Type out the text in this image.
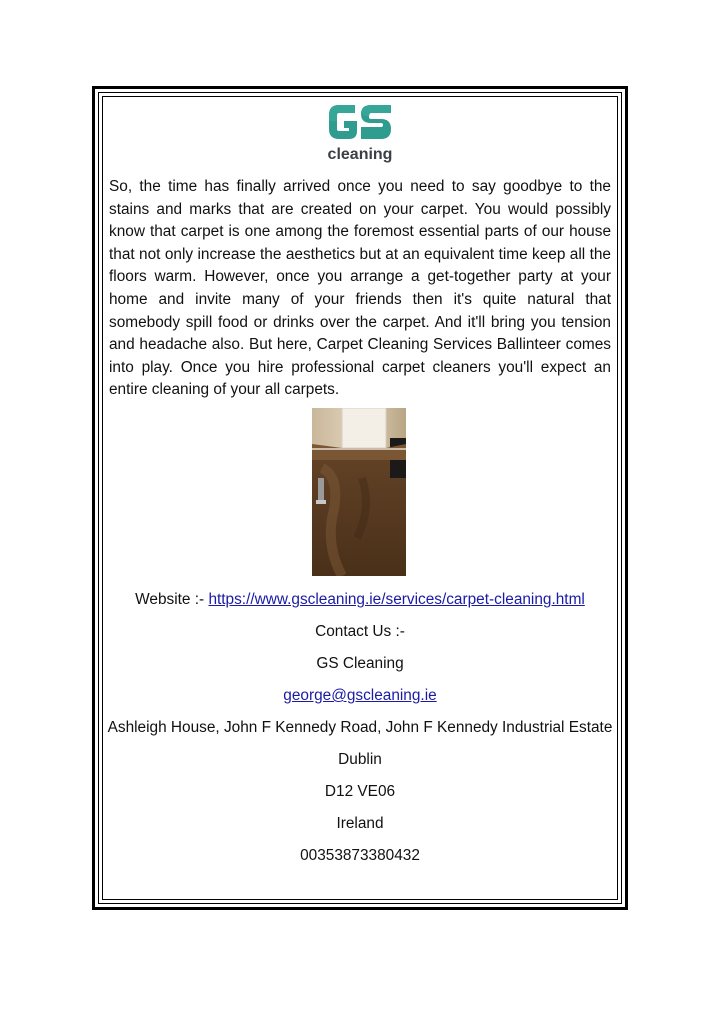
cleaning

So, the time has finally arrived once you need to say goodbye to the stains and marks that are created on your carpet. You would possibly know that carpet is one among the foremost essential parts of our house that not only increase the aesthetics but at an equivalent time keep all the floors warm. However, once you arrange a get-together party at your home and invite many of your friends then it's quite natural that somebody spill food or drinks over the carpet. And it'll bring you tension and headache also. But here, Carpet Cleaning Services Ballinteer comes into play. Once you hire professional carpet cleaners you'll expect an entire cleaning of your all carpets.

Website :- https://www.gscleaning.ie/services/carpet-cleaning.html
Contact Us :-
GS Cleaning
george@gscleaning.ie
Ashleigh House, John F Kennedy Road, John F Kennedy Industrial Estate
Dublin
D12 VE06
Ireland
00353873380432
